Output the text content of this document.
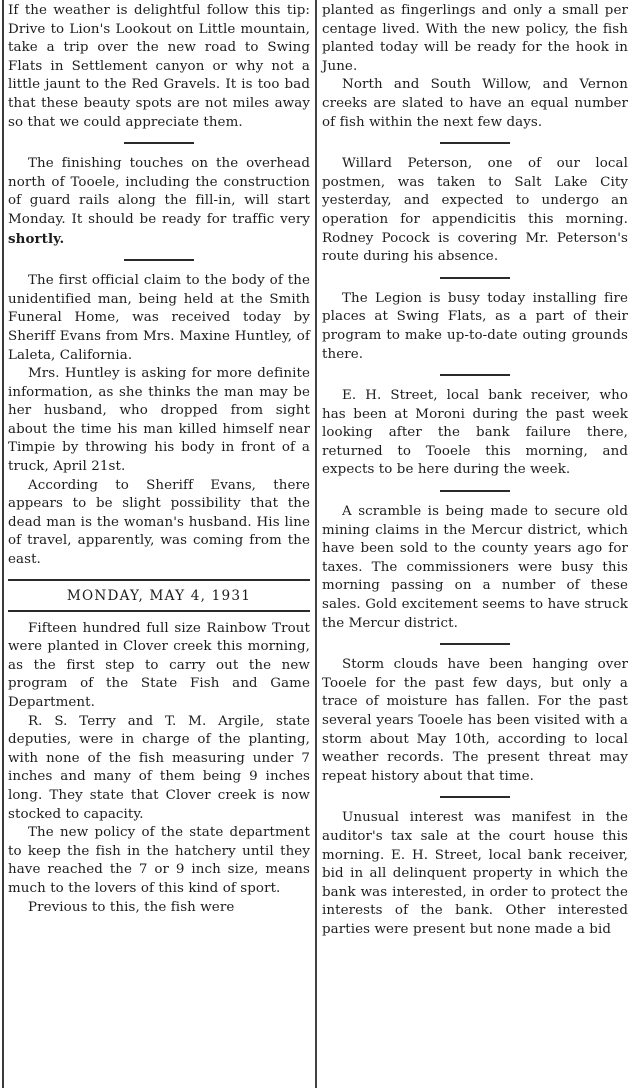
If the weather is delightful follow this tip: Drive to Lion's Lookout on Little mountain, take a trip over the new road to Swing Flats in Settlement canyon or why not a little jaunt to the Red Gravels. It is too bad that these beauty spots are not miles away so that we could appreciate them.

The finishing touches on the overhead north of Tooele, including the construction of guard rails along the fill-in, will start Monday. It should be ready for traffic very shortly.

The first official claim to the body of the unidentified man, being held at the Smith Funeral Home, was received today by Sheriff Evans from Mrs. Maxine Huntley, of Laleta, California.

Mrs. Huntley is asking for more definite information, as she thinks the man may be her husband, who dropped from sight about the time his man killed himself near Timpie by throwing his body in front of a truck, April 21st.

According to Sheriff Evans, there appears to be slight possibility that the dead man is the woman's husband. His line of travel, apparently, was coming from the east.

MONDAY, MAY 4, 1931

Fifteen hundred full size Rainbow Trout were planted in Clover creek this morning, as the first step to carry out the new program of the State Fish and Game Department.

R. S. Terry and T. M. Argile, state deputies, were in charge of the planting, with none of the fish measuring under 7 inches and many of them being 9 inches long. They state that Clover creek is now stocked to capacity.

The new policy of the state department to keep the fish in the hatchery until they have reached the 7 or 9 inch size, means much to the lovers of this kind of sport.

Previous to this, the fish were

planted as fingerlings and only a small per centage lived. With the new policy, the fish planted today will be ready for the hook in June.

North and South Willow, and Vernon creeks are slated to have an equal number of fish within the next few days.

Willard Peterson, one of our local postmen, was taken to Salt Lake City yesterday, and expected to undergo an operation for appendicitis this morning. Rodney Pocock is covering Mr. Peterson's route during his absence.

The Legion is busy today installing fire places at Swing Flats, as a part of their program to make up-to-date outing grounds there.

E. H. Street, local bank receiver, who has been at Moroni during the past week looking after the bank failure there, returned to Tooele this morning, and expects to be here during the week.

A scramble is being made to secure old mining claims in the Mercur district, which have been sold to the county years ago for taxes. The commissioners were busy this morning passing on a number of these sales. Gold excitement seems to have struck the Mercur district.

Storm clouds have been hanging over Tooele for the past few days, but only a trace of moisture has fallen. For the past several years Tooele has been visited with a storm about May 10th, according to local weather records. The present threat may repeat history about that time.

Unusual interest was manifest in the auditor's tax sale at the court house this morning. E. H. Street, local bank receiver, bid in all delinquent property in which the bank was interested, in order to protect the interests of the bank. Other interested parties were present but none made a bid
